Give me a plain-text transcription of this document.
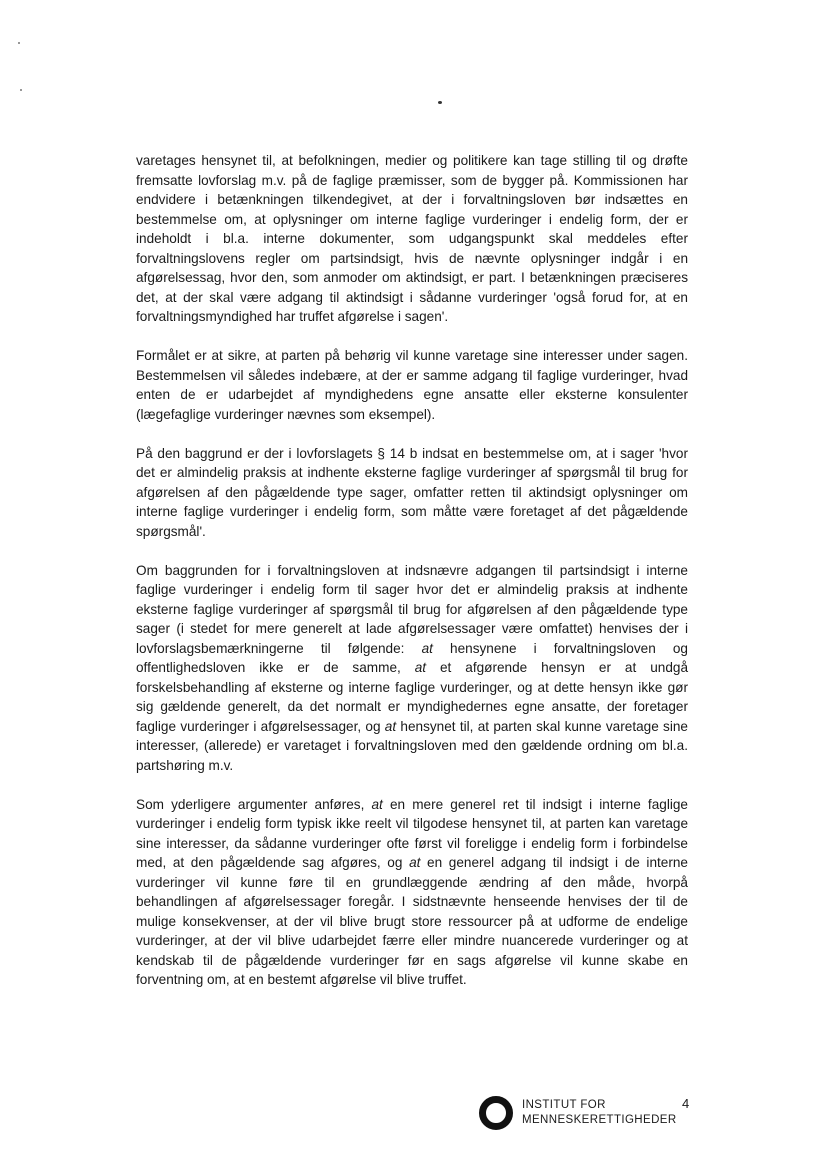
varetages hensynet til, at befolkningen, medier og politikere kan tage stilling til og drøfte fremsatte lovforslag m.v. på de faglige præmisser, som de bygger på. Kommissionen har endvidere i betænkningen tilkendegivet, at der i forvaltningsloven bør indsættes en bestemmelse om, at oplysninger om interne faglige vurderinger i endelig form, der er indeholdt i bl.a. interne dokumenter, som udgangspunkt skal meddeles efter forvaltningslovens regler om partsindsigt, hvis de nævnte oplysninger indgår i en afgørelsessag, hvor den, som anmoder om aktindsigt, er part. I betænkningen præciseres det, at der skal være adgang til aktindsigt i sådanne vurderinger 'også forud for, at en forvaltningsmyndighed har truffet afgørelse i sagen'.

Formålet er at sikre, at parten på behørig vil kunne varetage sine interesser under sagen. Bestemmelsen vil således indebære, at der er samme adgang til faglige vurderinger, hvad enten de er udarbejdet af myndighedens egne ansatte eller eksterne konsulenter (lægefaglige vurderinger nævnes som eksempel).

På den baggrund er der i lovforslagets § 14 b indsat en bestemmelse om, at i sager 'hvor det er almindelig praksis at indhente eksterne faglige vurderinger af spørgsmål til brug for afgørelsen af den pågældende type sager, omfatter retten til aktindsigt oplysninger om interne faglige vurderinger i endelig form, som måtte være foretaget af det pågældende spørgsmål'.

Om baggrunden for i forvaltningsloven at indsnævre adgangen til partsindsigt i interne faglige vurderinger i endelig form til sager hvor det er almindelig praksis at indhente eksterne faglige vurderinger af spørgsmål til brug for afgørelsen af den pågældende type sager (i stedet for mere generelt at lade afgørelsessager være omfattet) henvises der i lovforslagsbemærkningerne til følgende: at hensynene i forvaltningsloven og offentlighedsloven ikke er de samme, at et afgørende hensyn er at undgå forskelsbehandling af eksterne og interne faglige vurderinger, og at dette hensyn ikke gør sig gældende generelt, da det normalt er myndighedernes egne ansatte, der foretager faglige vurderinger i afgørelsessager, og at hensynet til, at parten skal kunne varetage sine interesser, (allerede) er varetaget i forvaltningsloven med den gældende ordning om bl.a. partshøring m.v.

Som yderligere argumenter anføres, at en mere generel ret til indsigt i interne faglige vurderinger i endelig form typisk ikke reelt vil tilgodese hensynet til, at parten kan varetage sine interesser, da sådanne vurderinger ofte først vil foreligge i endelig form i forbindelse med, at den pågældende sag afgøres, og at en generel adgang til indsigt i de interne vurderinger vil kunne føre til en grundlæggende ændring af den måde, hvorpå behandlingen af afgørelsessager foregår. I sidstnævnte henseende henvises der til de mulige konsekvenser, at der vil blive brugt store ressourcer på at udforme de endelige vurderinger, at der vil blive udarbejdet færre eller mindre nuancerede vurderinger og at kendskab til de pågældende vurderinger før en sags afgørelse vil kunne skabe en forventning om, at en bestemt afgørelse vil blive truffet.

INSTITUT FOR
MENNESKERETTIGHEDER
4
